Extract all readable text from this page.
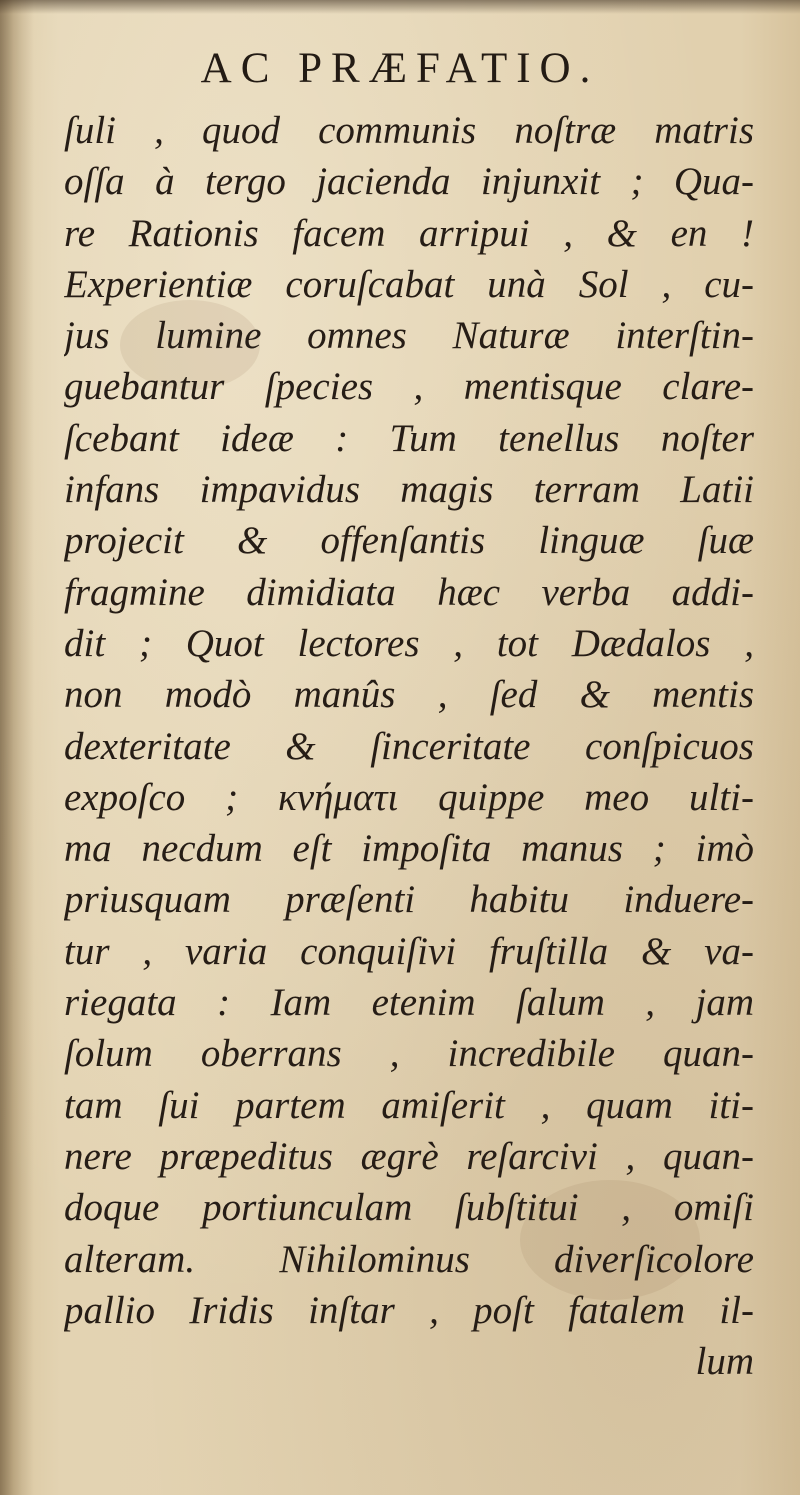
AC PRÆFATIO.
ſuli , quod communis noſtræ matris
oſſa à tergo jacienda injunxit ; Qua-
re Rationis facem arripui , & en !
Experientiæ coruſcabat unà Sol , cu-
jus lumine omnes Naturæ interſtin-
guebantur ſpecies , mentisque clare-
ſcebant ideæ : Tum tenellus noſter
infans impavidus magis terram Latii
projecit & offenſantis linguæ ſuæ
fragmine dimidiata hæc verba addi-
dit ; Quot lectores , tot Dædalos ,
non modò manûs , ſed & mentis
dexteritate & ſinceritate conſpicuos
expoſco ; κνήματι quippe meo ulti-
ma necdum eſt impoſita manus ; imò
priusquam præſenti habitu induere-
tur , varia conquiſivi fruſtilla & va-
riegata : Iam etenim ſalum , jam
ſolum oberrans , incredibile quan-
tam ſui partem amiſerit , quam iti-
nere præpeditus ægrè reſarcivi , quan-
doque portiunculam ſubſtitui , omiſi
alteram. Nihilominus diverſicolore
pallio Iridis inſtar , poſt fatalem il-
lum
